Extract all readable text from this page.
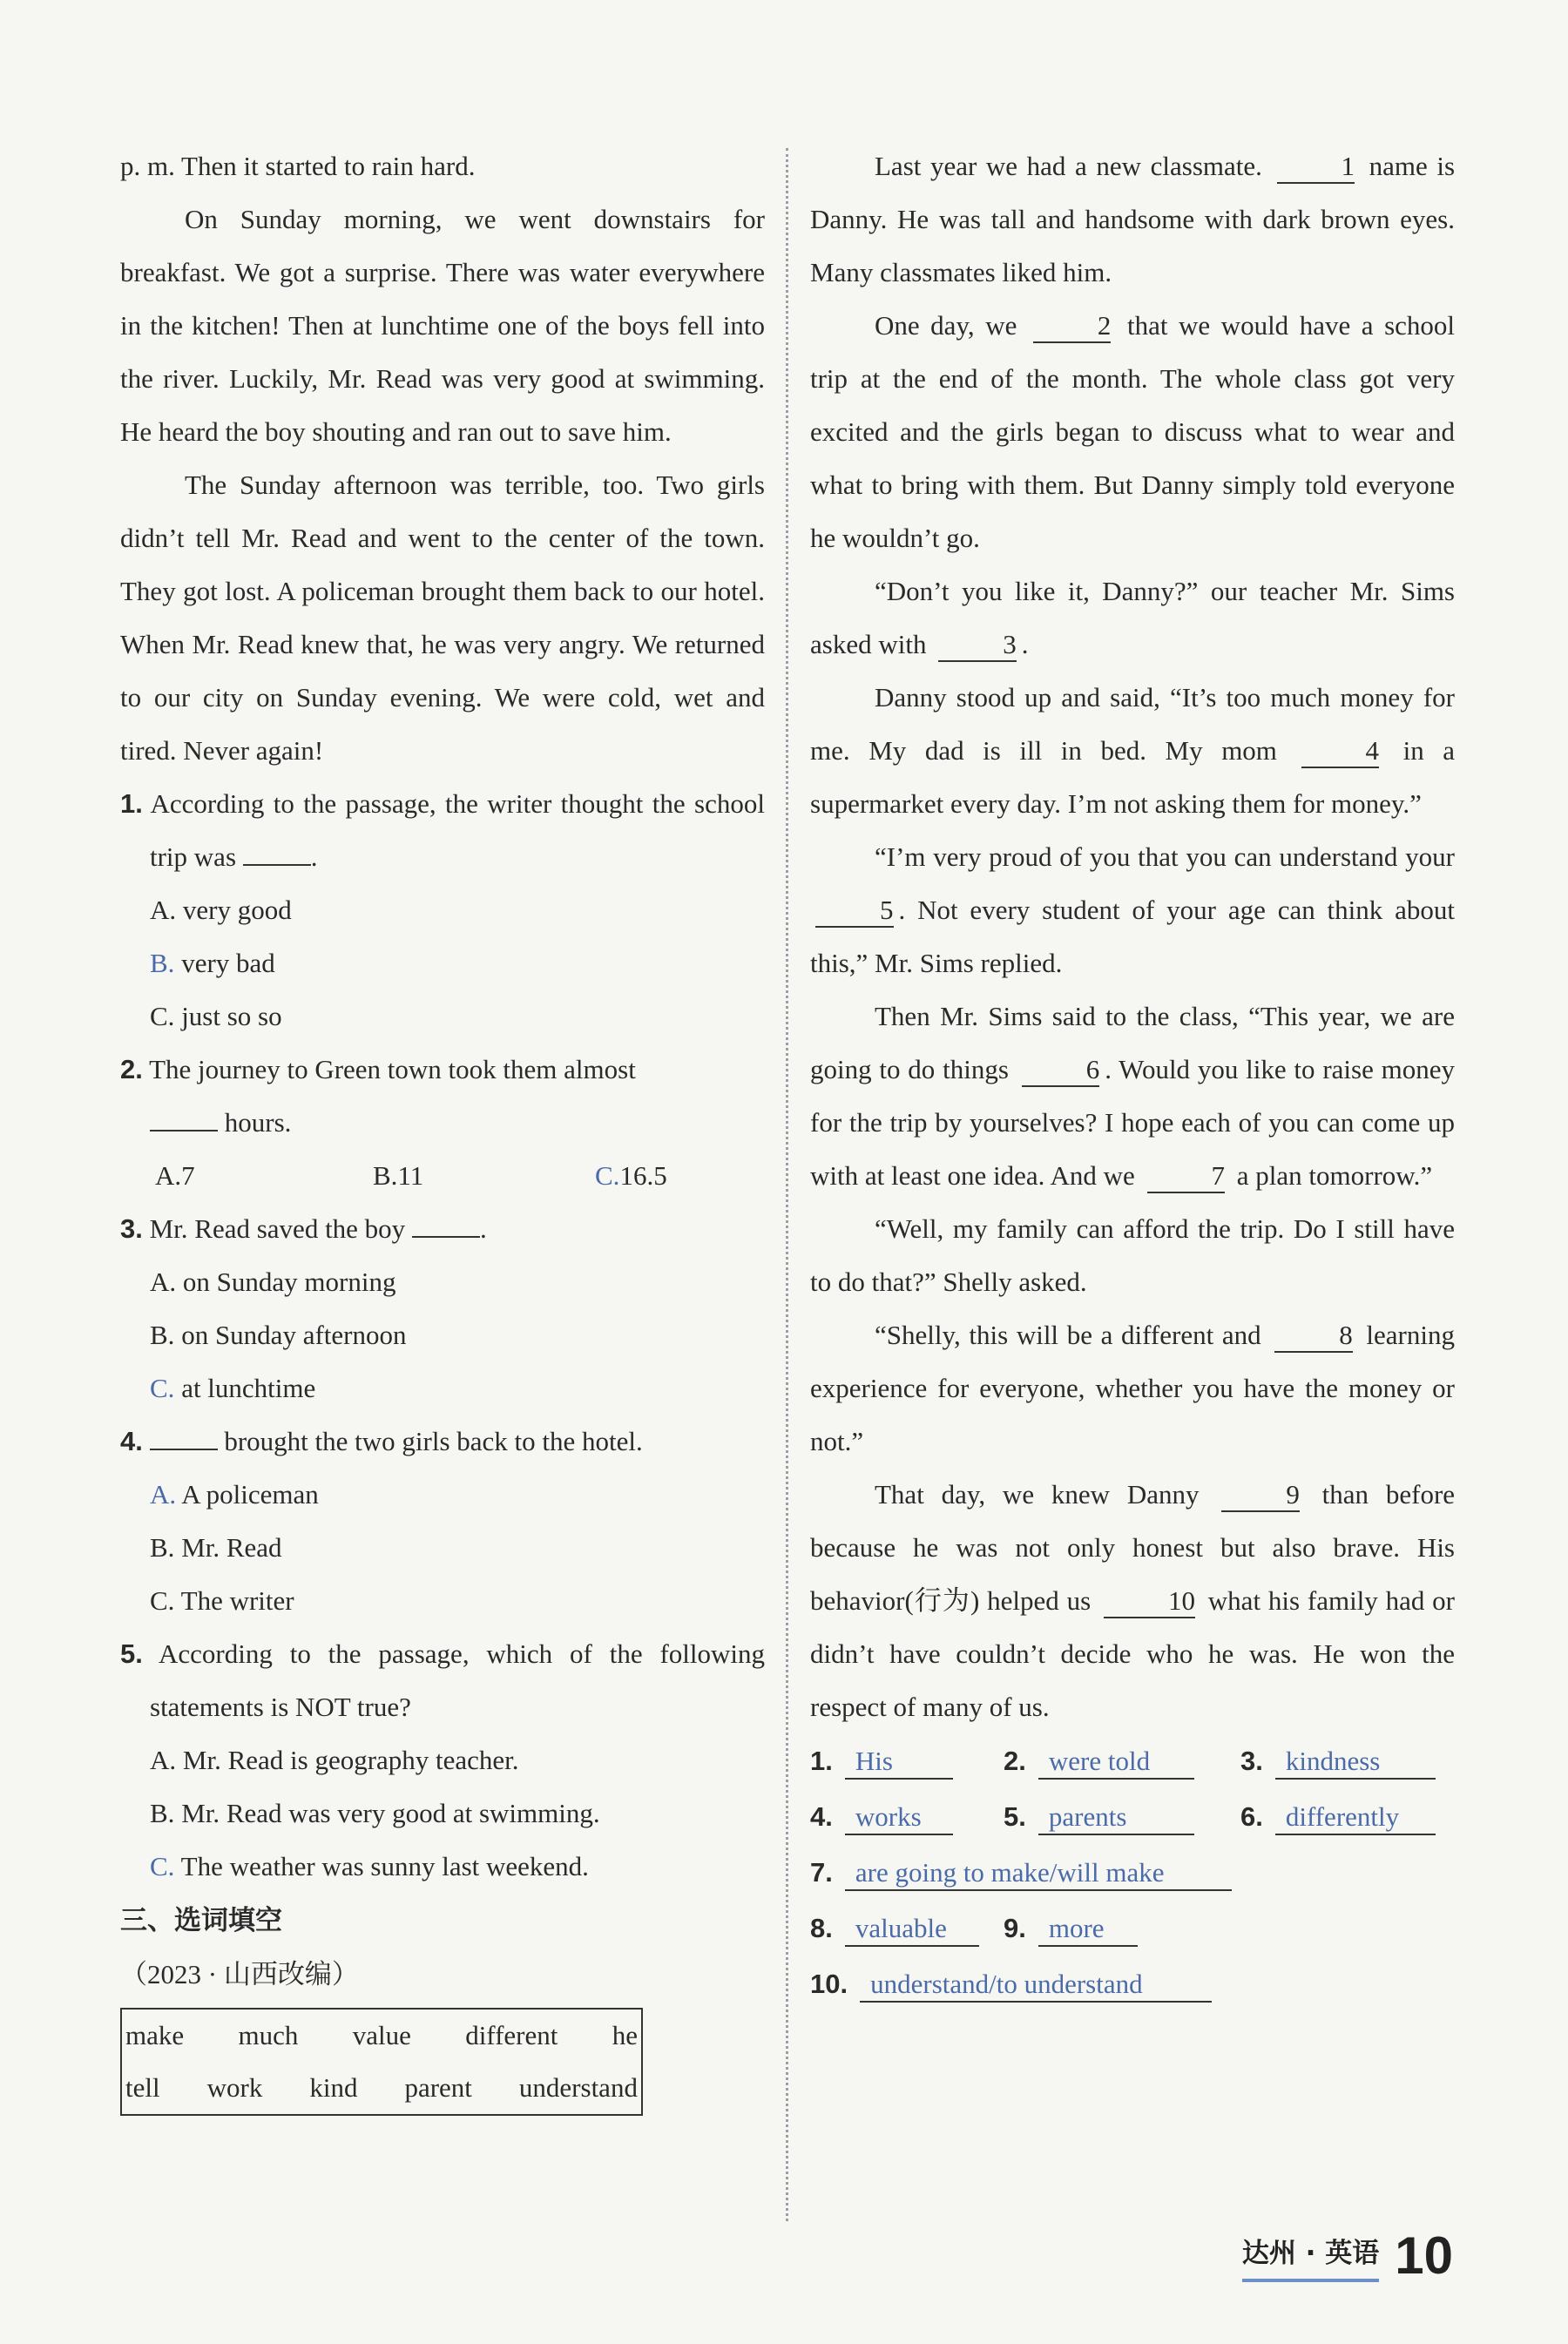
p. m. Then it started to rain hard.

On Sunday morning, we went downstairs for breakfast. We got a surprise. There was water everywhere in the kitchen! Then at lunchtime one of the boys fell into the river. Luckily, Mr. Read was very good at swimming. He heard the boy shouting and ran out to save him.

The Sunday afternoon was terrible, too. Two girls didn’t tell Mr. Read and went to the center of the town. They got lost. A policeman brought them back to our hotel. When Mr. Read knew that, he was very angry. We returned to our city on Sunday evening. We were cold, wet and tired. Never again!

1. According to the passage, the writer thought the school trip was	.
A. very good
B. very bad
C. just so so
2. The journey to Green town took them almost
hours.
A.7	B.11	C.16.5
3. Mr. Read saved the boy	.
A. on Sunday morning
B. on Sunday afternoon
C. at lunchtime
4.	brought the two girls back to the hotel.
A. A policeman
B. Mr. Read
C. The writer
5. According to the passage, which of the following statements is NOT true?
A. Mr. Read is geography teacher.
B. Mr. Read was very good at swimming.
C. The weather was sunny last weekend.
三、选词填空
（2023 · 山西改编）
make much value different he
tell work kind parent understand

Last year we had a new classmate.	1 name is Danny. He was tall and handsome with dark brown eyes. Many classmates liked him.

One day, we	2 that we would have a school trip at the end of the month. The whole class got very excited and the girls began to discuss what to wear and what to bring with them. But Danny simply told everyone he wouldn’t go.

“Don’t you like it, Danny?” our teacher Mr. Sims asked with	3 .

Danny stood up and said, “It’s too much money for me. My dad is ill in bed. My mom	4 in a supermarket every day. I’m not asking them for money.”

“I’m very proud of you that you can understand your 5 . Not every student of your age can think about this,” Mr. Sims replied.

Then Mr. Sims said to the class, “This year, we are going to do things	6 . Would you like to raise money for the trip by yourselves? I hope each of you can come up with at least one idea. And we	7 a plan tomorrow.”

“Well, my family can afford the trip. Do I still have to do that?” Shelly asked.

“Shelly, this will be a different and	8 learning experience for everyone, whether you have the money or not.”

That day, we knew Danny	9 than before because he was not only honest but also brave. His behavior(行为) helped us	10 what his family had or didn’t have couldn’t decide who he was. He won the respect of many of us.

1. His	2. were told	3. kindness
4. works	5. parents	6. differently
7. are going to make/will make
8. valuable	9. more
10. understand/to understand
达州 · 英语 10
